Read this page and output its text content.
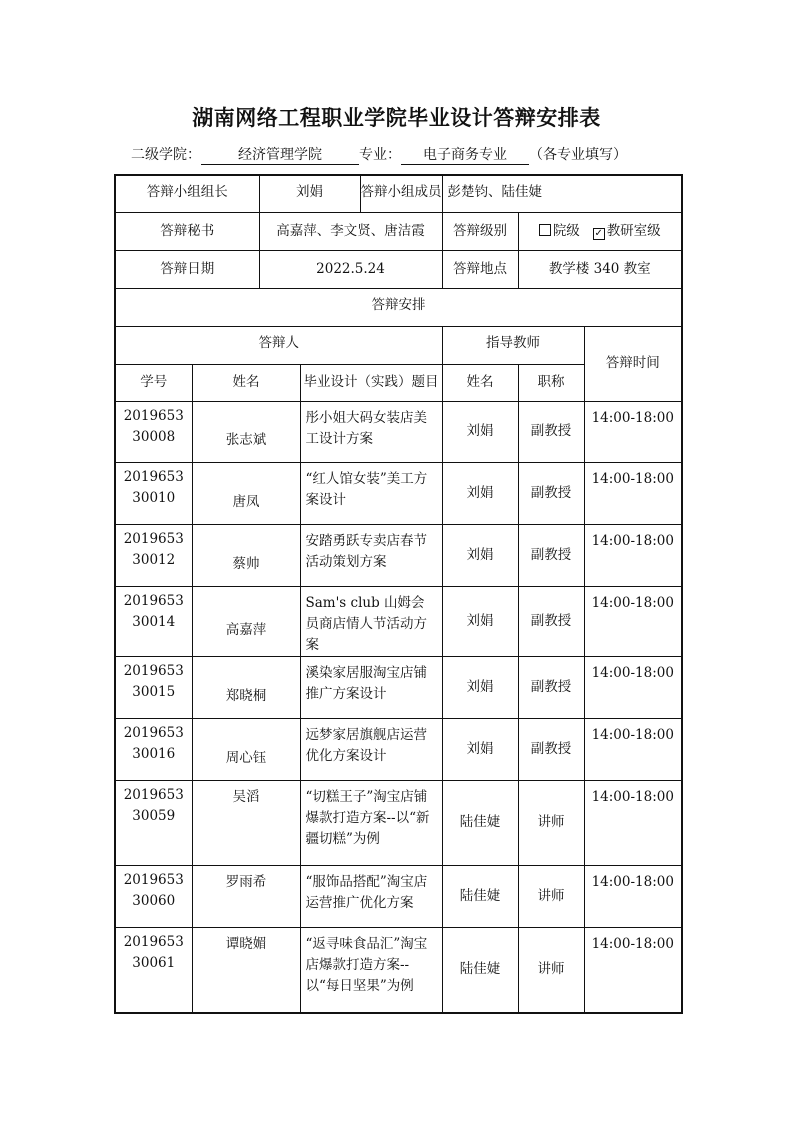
湖南网络工程职业学院毕业设计答辩安排表
二级学院：	经济管理学院	专业： 电子商务专业 （各专业填写）
答辩小组组长		刘娟 答辩小组成员		彭楚钧、陆佳婕		
答辩秘书		高嘉萍、李文贤、唐洁霞		答辩级别	院级 ✓ 教研室级	
答辩日期		2022.5.24		答辩地点	教学楼 340 教室	
答辩安排						
答辩人				指导教师		答辩时间
学号	姓名		毕业设计（实践）题目	姓名	职称	
2019653
30008	张志斌		彤小姐大码女装店美工设计方案	刘娟	副教授	14:00-18:00
2019653
30010	唐凤		“红人馆女装”美工方案设计	刘娟	副教授	14:00-18:00
2019653
30012	蔡帅		安踏勇跃专卖店春节活动策划方案	刘娟	副教授	14:00-18:00
2019653
30014	高嘉萍		Sam's club 山姆会员商店情人节活动方案	刘娟	副教授	14:00-18:00
2019653
30015	郑晓桐		溪染家居服淘宝店铺推广方案设计	刘娟	副教授	14:00-18:00
2019653
30016	周心钰		远梦家居旗舰店运营优化方案设计	刘娟	副教授	14:00-18:00
2019653
30059	吴滔		“切糕王子”淘宝店铺爆款打造方案--以“新疆切糕”为例	陆佳婕	讲师	14:00-18:00
2019653
30060	罗雨希		“服饰品搭配”淘宝店运营推广优化方案	陆佳婕	讲师	14:00-18:00
2019653
30061	谭晓媚		“返寻味食品汇”淘宝店爆款打造方案--以“每日坚果”为例	陆佳婕	讲师	14:00-18:00
